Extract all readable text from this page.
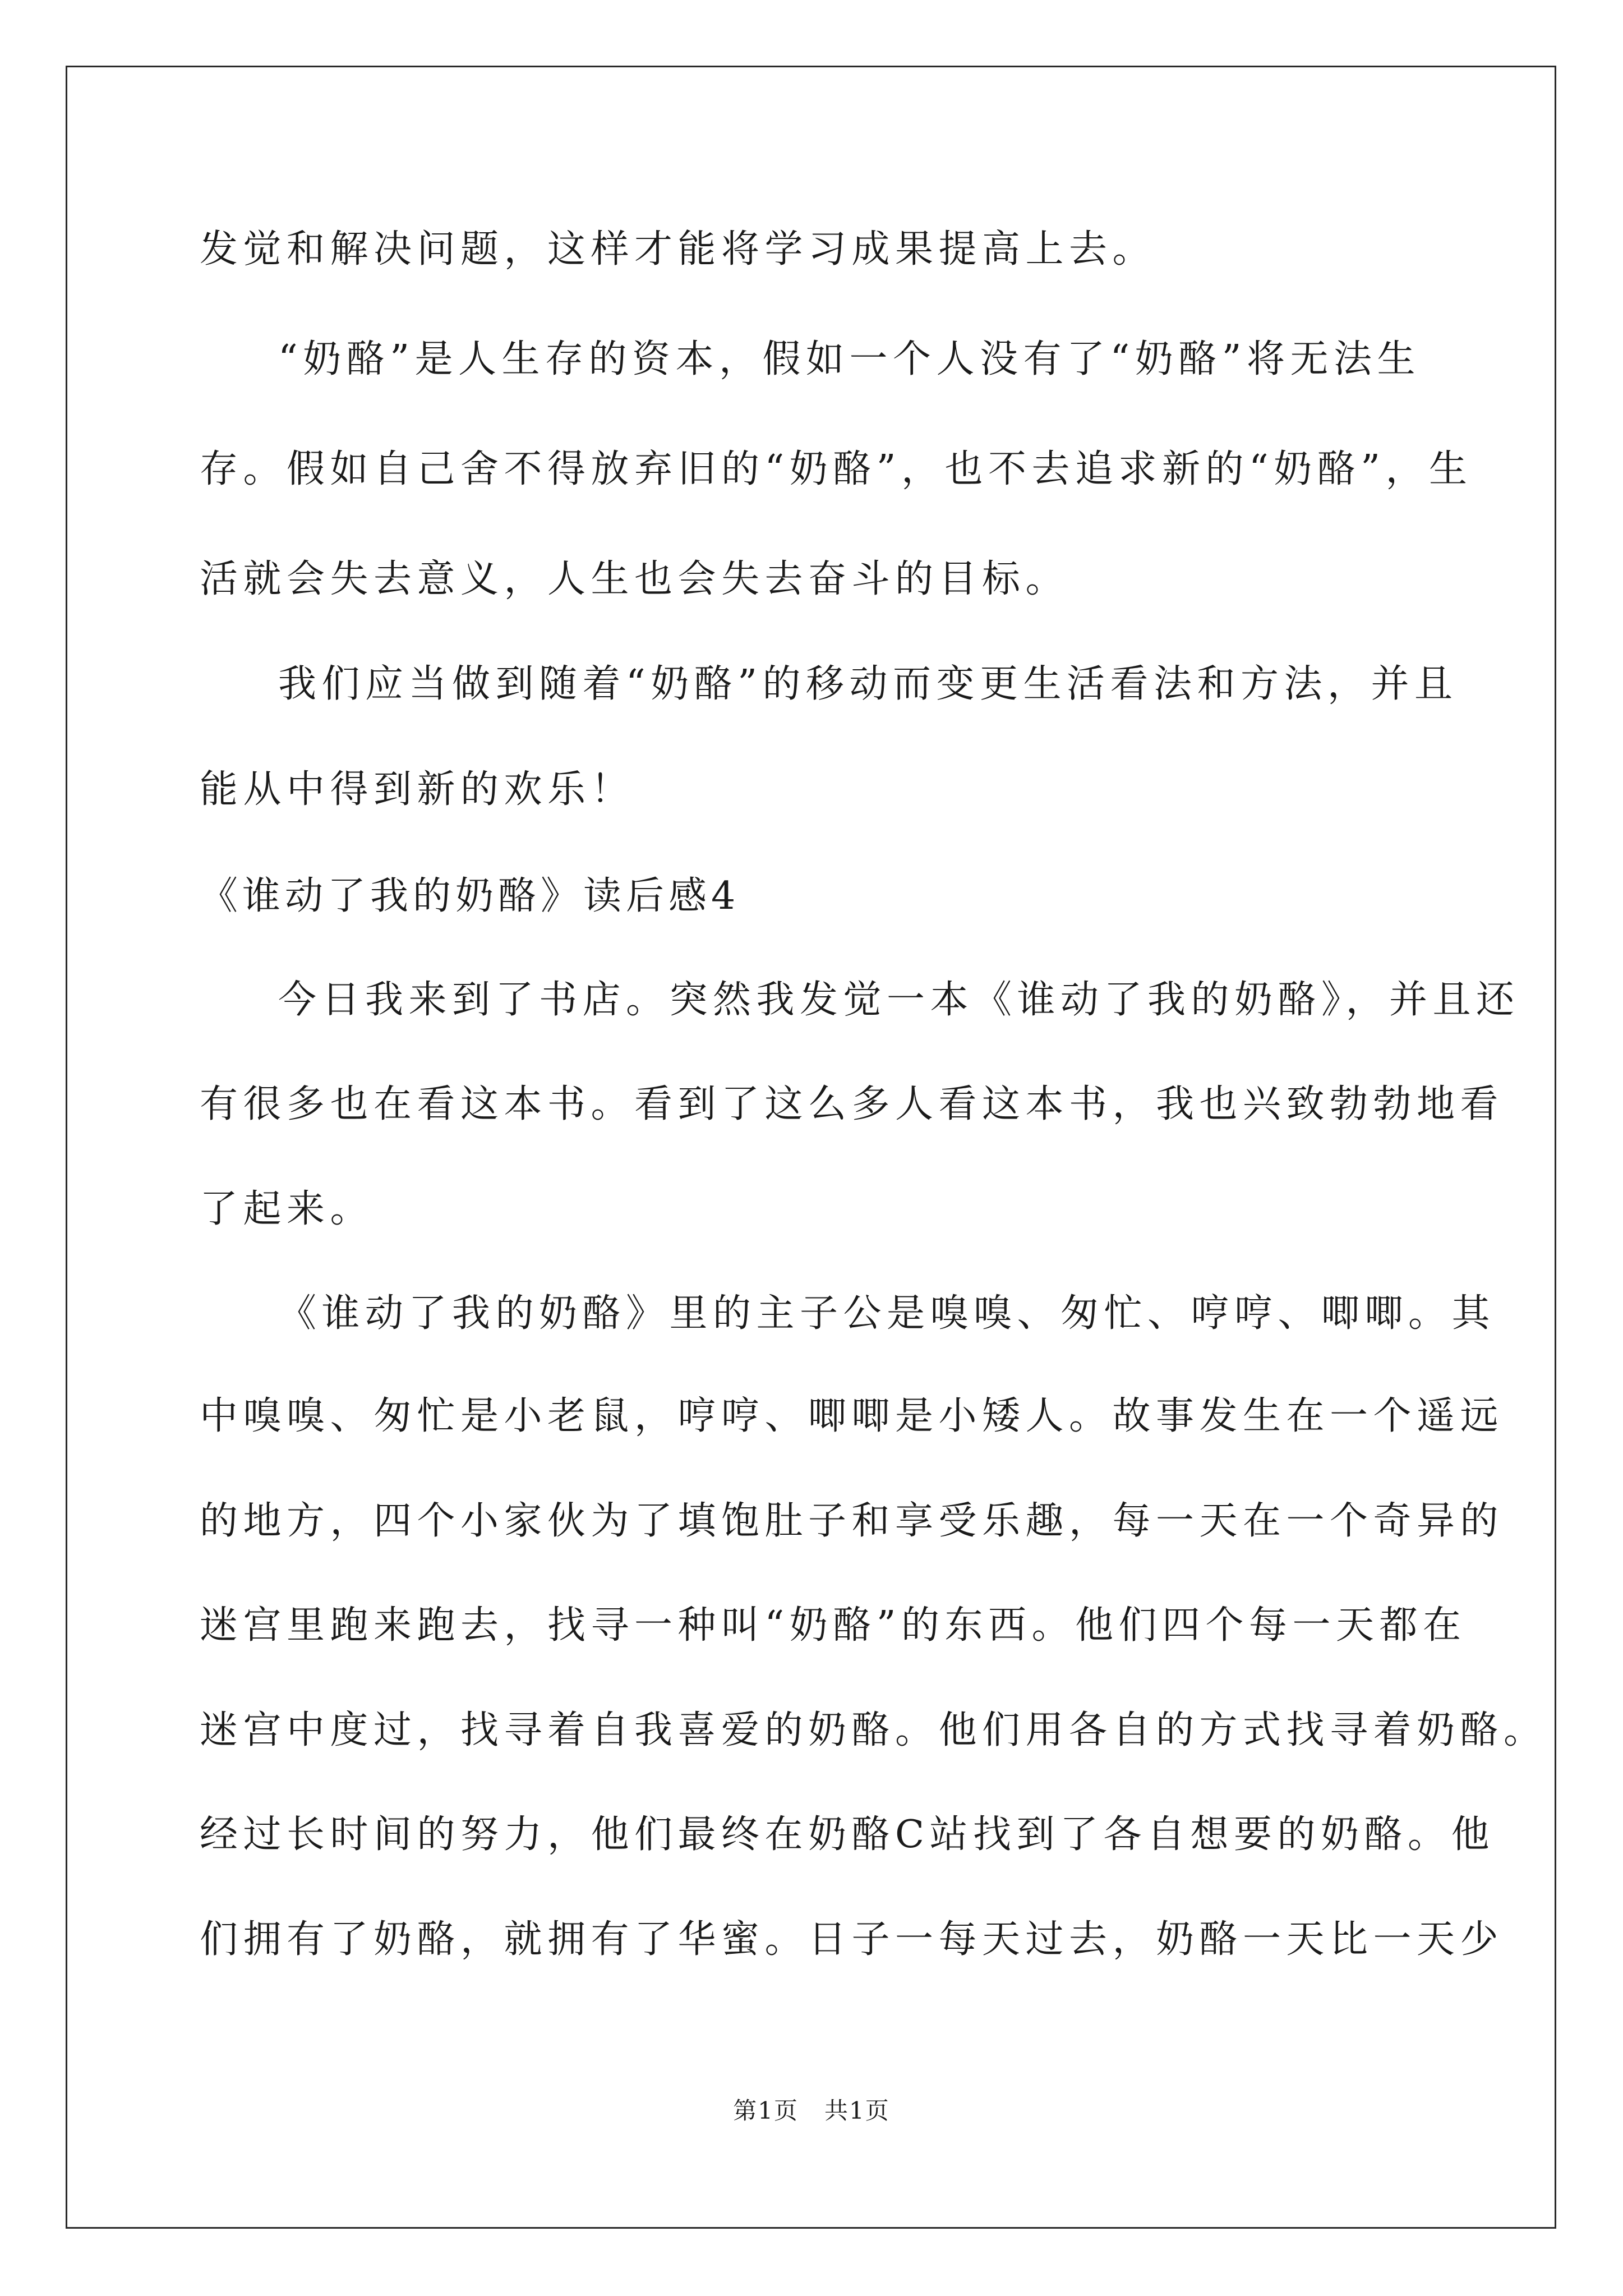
发觉和解决问题，这样才能将学习成果提高上去。
“奶酪”是人生存的资本，假如一个人没有了“奶酪”将无法生
存。假如自己舍不得放弃旧的“奶酪”，也不去追求新的“奶酪”，生
活就会失去意义，人生也会失去奋斗的目标。
我们应当做到随着“奶酪”的移动而变更生活看法和方法，并且
能从中得到新的欢乐！
《谁动了我的奶酪》读后感4
今日我来到了书店。突然我发觉一本《谁动了我的奶酪》，并且还
有很多也在看这本书。看到了这么多人看这本书，我也兴致勃勃地看
了起来。
《谁动了我的奶酪》里的主子公是嗅嗅、匆忙、哼哼、唧唧。其
中嗅嗅、匆忙是小老鼠，哼哼、唧唧是小矮人。故事发生在一个遥远
的地方，四个小家伙为了填饱肚子和享受乐趣，每一天在一个奇异的
迷宫里跑来跑去，找寻一种叫“奶酪”的东西。他们四个每一天都在
迷宫中度过，找寻着自我喜爱的奶酪。他们用各自的方式找寻着奶酪。
经过长时间的努力，他们最终在奶酪C站找到了各自想要的奶酪。他
们拥有了奶酪，就拥有了华蜜。日子一每天过去，奶酪一天比一天少
第1页 共1页
